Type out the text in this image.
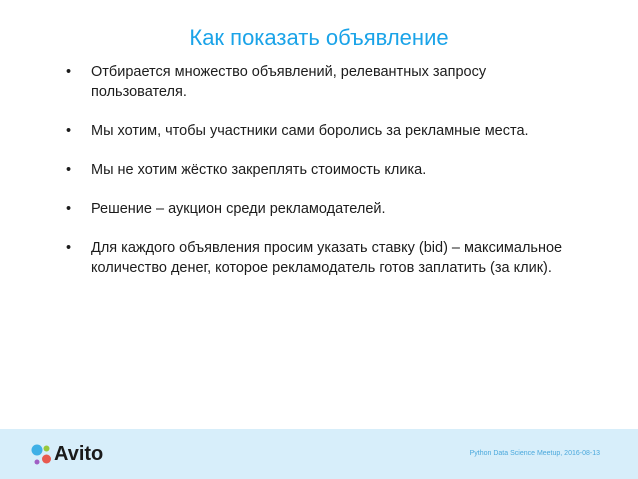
Как показать объявление
• Отбирается множество объявлений, релевантных запросу пользователя.
• Мы хотим, чтобы участники сами боролись за рекламные места.
• Мы не хотим жёстко закреплять стоимость клика.
• Решение – аукцион среди рекламодателей.
• Для каждого объявления просим указать ставку (bid) – максимальное количество денег, которое рекламодатель готов заплатить (за клик).
Avito	Python Data Science Meetup, 2016-08-13
